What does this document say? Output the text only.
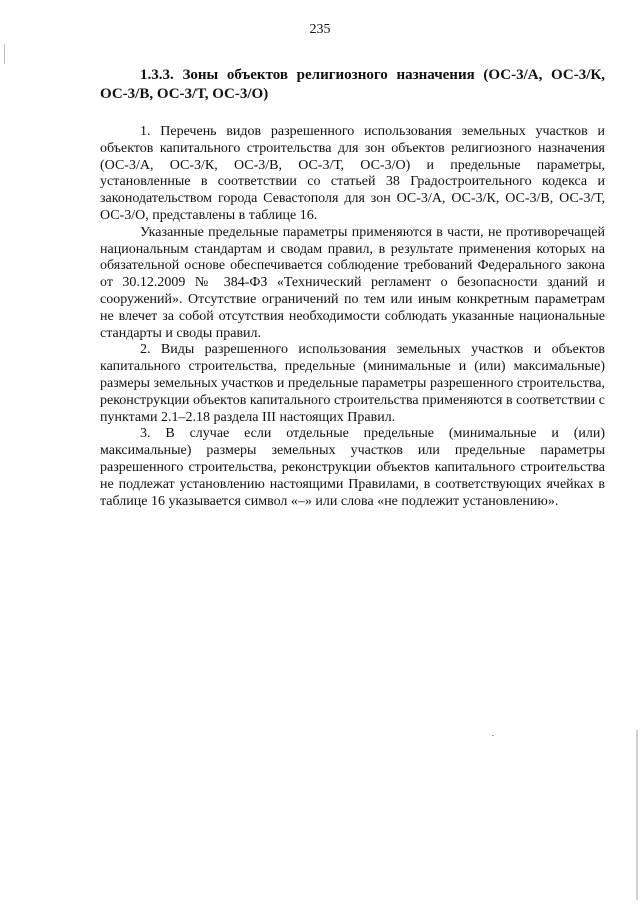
235
1.3.3. Зоны объектов религиозного назначения (ОС-3/А, ОС-3/К, ОС-3/В, ОС-3/Т, ОС-3/О)

1. Перечень видов разрешенного использования земельных участков и объектов капитального строительства для зон объектов религиозного назначения (ОС-3/А, ОС-3/К, ОС-3/В, ОС-3/Т, ОС-3/О) и предельные параметры, установленные в соответствии со статьей 38 Градостроительного кодекса и законодательством города Севастополя для зон ОС-3/А, ОС-3/К, ОС-3/В, ОС-3/Т, ОС-3/О, представлены в таблице 16.

Указанные предельные параметры применяются в части, не противоречащей национальным стандартам и сводам правил, в результате применения которых на обязательной основе обеспечивается соблюдение требований Федерального закона от 30.12.2009 № 384-ФЗ «Технический регламент о безопасности зданий и сооружений». Отсутствие ограничений по тем или иным конкретным параметрам не влечет за собой отсутствия необходимости соблюдать указанные национальные стандарты и своды правил.

2. Виды разрешенного использования земельных участков и объектов капитального строительства, предельные (минимальные и (или) максимальные) размеры земельных участков и предельные параметры разрешенного строительства, реконструкции объектов капитального строительства применяются в соответствии с пунктами 2.1–2.18 раздела III настоящих Правил.

3. В случае если отдельные предельные (минимальные и (или) максимальные) размеры земельных участков или предельные параметры разрешенного строительства, реконструкции объектов капитального строительства не подлежат установлению настоящими Правилами, в соответствующих ячейках в таблице 16 указывается символ «–» или слова «не подлежит установлению».
